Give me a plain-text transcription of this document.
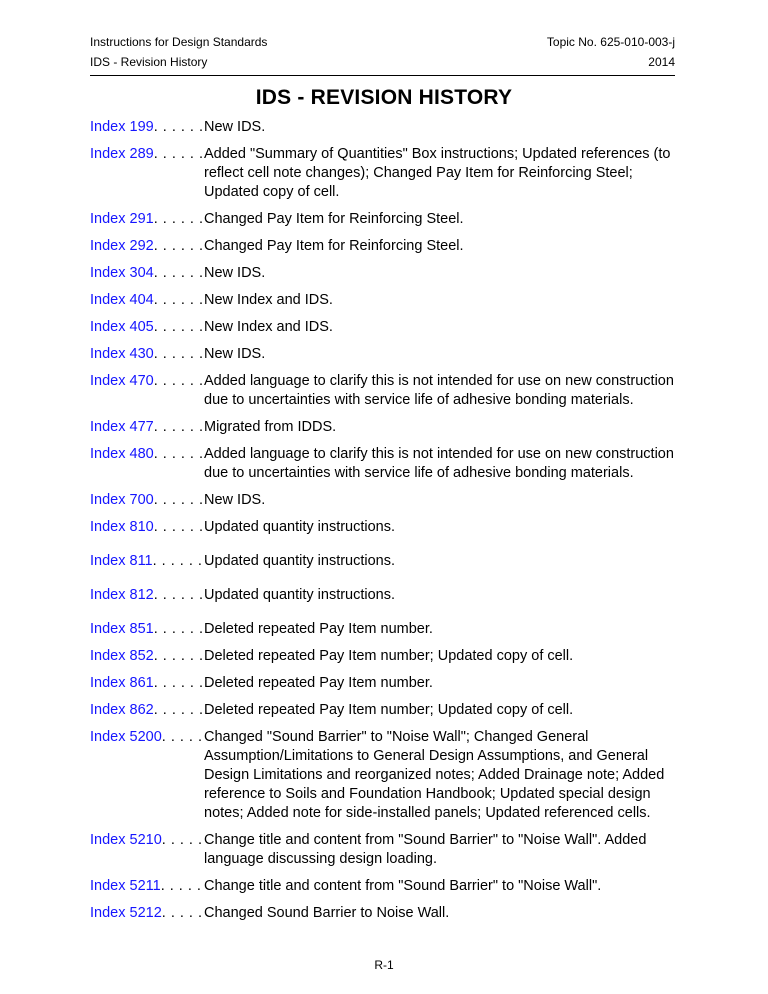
Instructions for Design Standards
IDS - Revision History
Topic No. 625-010-003-j
2014
IDS - REVISION HISTORY
Index 199 . . .	New IDS.
Index 289 . . .	Added "Summary of Quantities" Box instructions; Updated references (to reflect cell note changes); Changed Pay Item for Reinforcing Steel; Updated copy of cell.
Index 291 . . .	Changed Pay Item for Reinforcing Steel.
Index 292 . . .	Changed Pay Item for Reinforcing Steel.
Index 304 . . .	New IDS.
Index 404 . . .	New Index and IDS.
Index 405 . . .	New Index and IDS.
Index 430 . . .	New IDS.
Index 470 . . .	Added language to clarify this is not intended for use on new construction due to uncertainties with service life of adhesive bonding materials.
Index 477 . . .	Migrated from IDDS.
Index 480 . . .	Added language to clarify this is not intended for use on new construction due to uncertainties with service life of adhesive bonding materials.
Index 700 . . .	New IDS.
Index 810 . . .	Updated quantity instructions.
Index 811 . . .	Updated quantity instructions.
Index 812 . . .	Updated quantity instructions.
Index 851 . . .	Deleted repeated Pay Item number.
Index 852 . . .	Deleted repeated Pay Item number; Updated copy of cell.
Index 861 . . .	Deleted repeated Pay Item number.
Index 862 . . .	Deleted repeated Pay Item number; Updated copy of cell.
Index 5200 . . .	Changed "Sound Barrier" to "Noise Wall"; Changed General Assumption/Limitations to General Design Assumptions, and General Design Limitations and reorganized notes; Added Drainage note; Added reference to Soils and Foundation Handbook; Updated special design notes; Added note for side-installed panels; Updated referenced cells.
Index 5210 . . .	Change title and content from "Sound Barrier" to "Noise Wall". Added language discussing design loading.
Index 5211 . . .	Change title and content from "Sound Barrier" to "Noise Wall".
Index 5212 . . .	Changed Sound Barrier to Noise Wall.
R-1
